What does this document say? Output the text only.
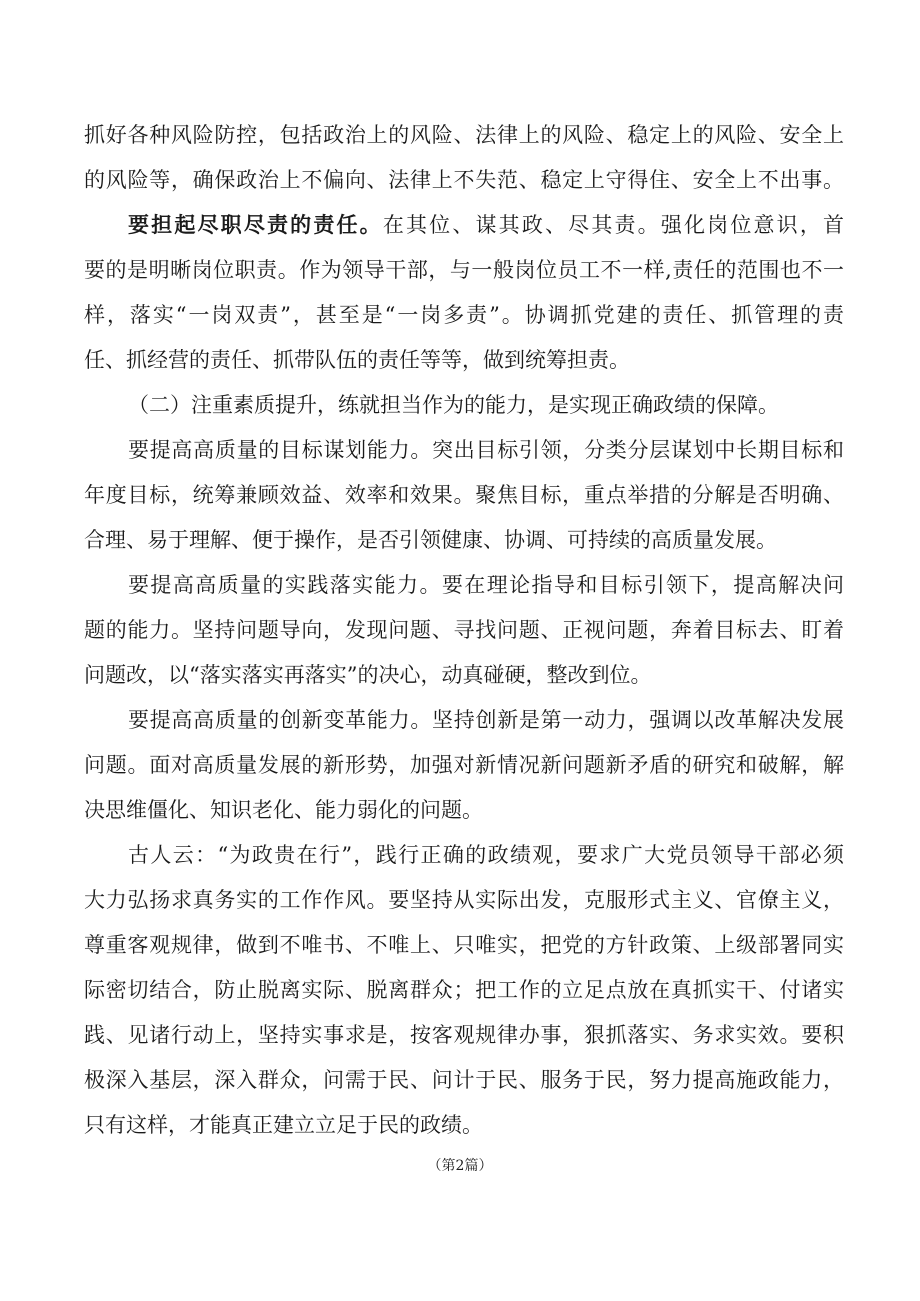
抓好各种风险防控，包括政治上的风险、法律上的风险、稳定上的风险、安全上
的风险等，确保政治上不偏向、法律上不失范、稳定上守得住、安全上不出事。
要担起尽职尽责的责任。在其位、谋其政、尽其责。强化岗位意识，首
要的是明晰岗位职责。作为领导干部，与一般岗位员工不一样,责任的范围也不一
样，落实“一岗双责”，甚至是“一岗多责”。协调抓党建的责任、抓管理的责
任、抓经营的责任、抓带队伍的责任等等，做到统筹担责。
（二）注重素质提升，练就担当作为的能力，是实现正确政绩的保障。
要提高高质量的目标谋划能力。突出目标引领，分类分层谋划中长期目标和
年度目标，统筹兼顾效益、效率和效果。聚焦目标，重点举措的分解是否明确、
合理、易于理解、便于操作，是否引领健康、协调、可持续的高质量发展。
要提高高质量的实践落实能力。要在理论指导和目标引领下，提高解决问
题的能力。坚持问题导向，发现问题、寻找问题、正视问题，奔着目标去、盯着
问题改，以“落实落实再落实”的决心，动真碰硬，整改到位。
要提高高质量的创新变革能力。坚持创新是第一动力，强调以改革解决发展
问题。面对高质量发展的新形势，加强对新情况新问题新矛盾的研究和破解，解
决思维僵化、知识老化、能力弱化的问题。
古人云：“为政贵在行”，践行正确的政绩观，要求广大党员领导干部必须
大力弘扬求真务实的工作作风。要坚持从实际出发，克服形式主义、官僚主义，
尊重客观规律，做到不唯书、不唯上、只唯实，把党的方针政策、上级部署同实
际密切结合，防止脱离实际、脱离群众；把工作的立足点放在真抓实干、付诸实
践、见诸行动上，坚持实事求是，按客观规律办事，狠抓落实、务求实效。要积
极深入基层，深入群众，问需于民、问计于民、服务于民，努力提高施政能力，
只有这样，才能真正建立立足于民的政绩。
（第2篇）
